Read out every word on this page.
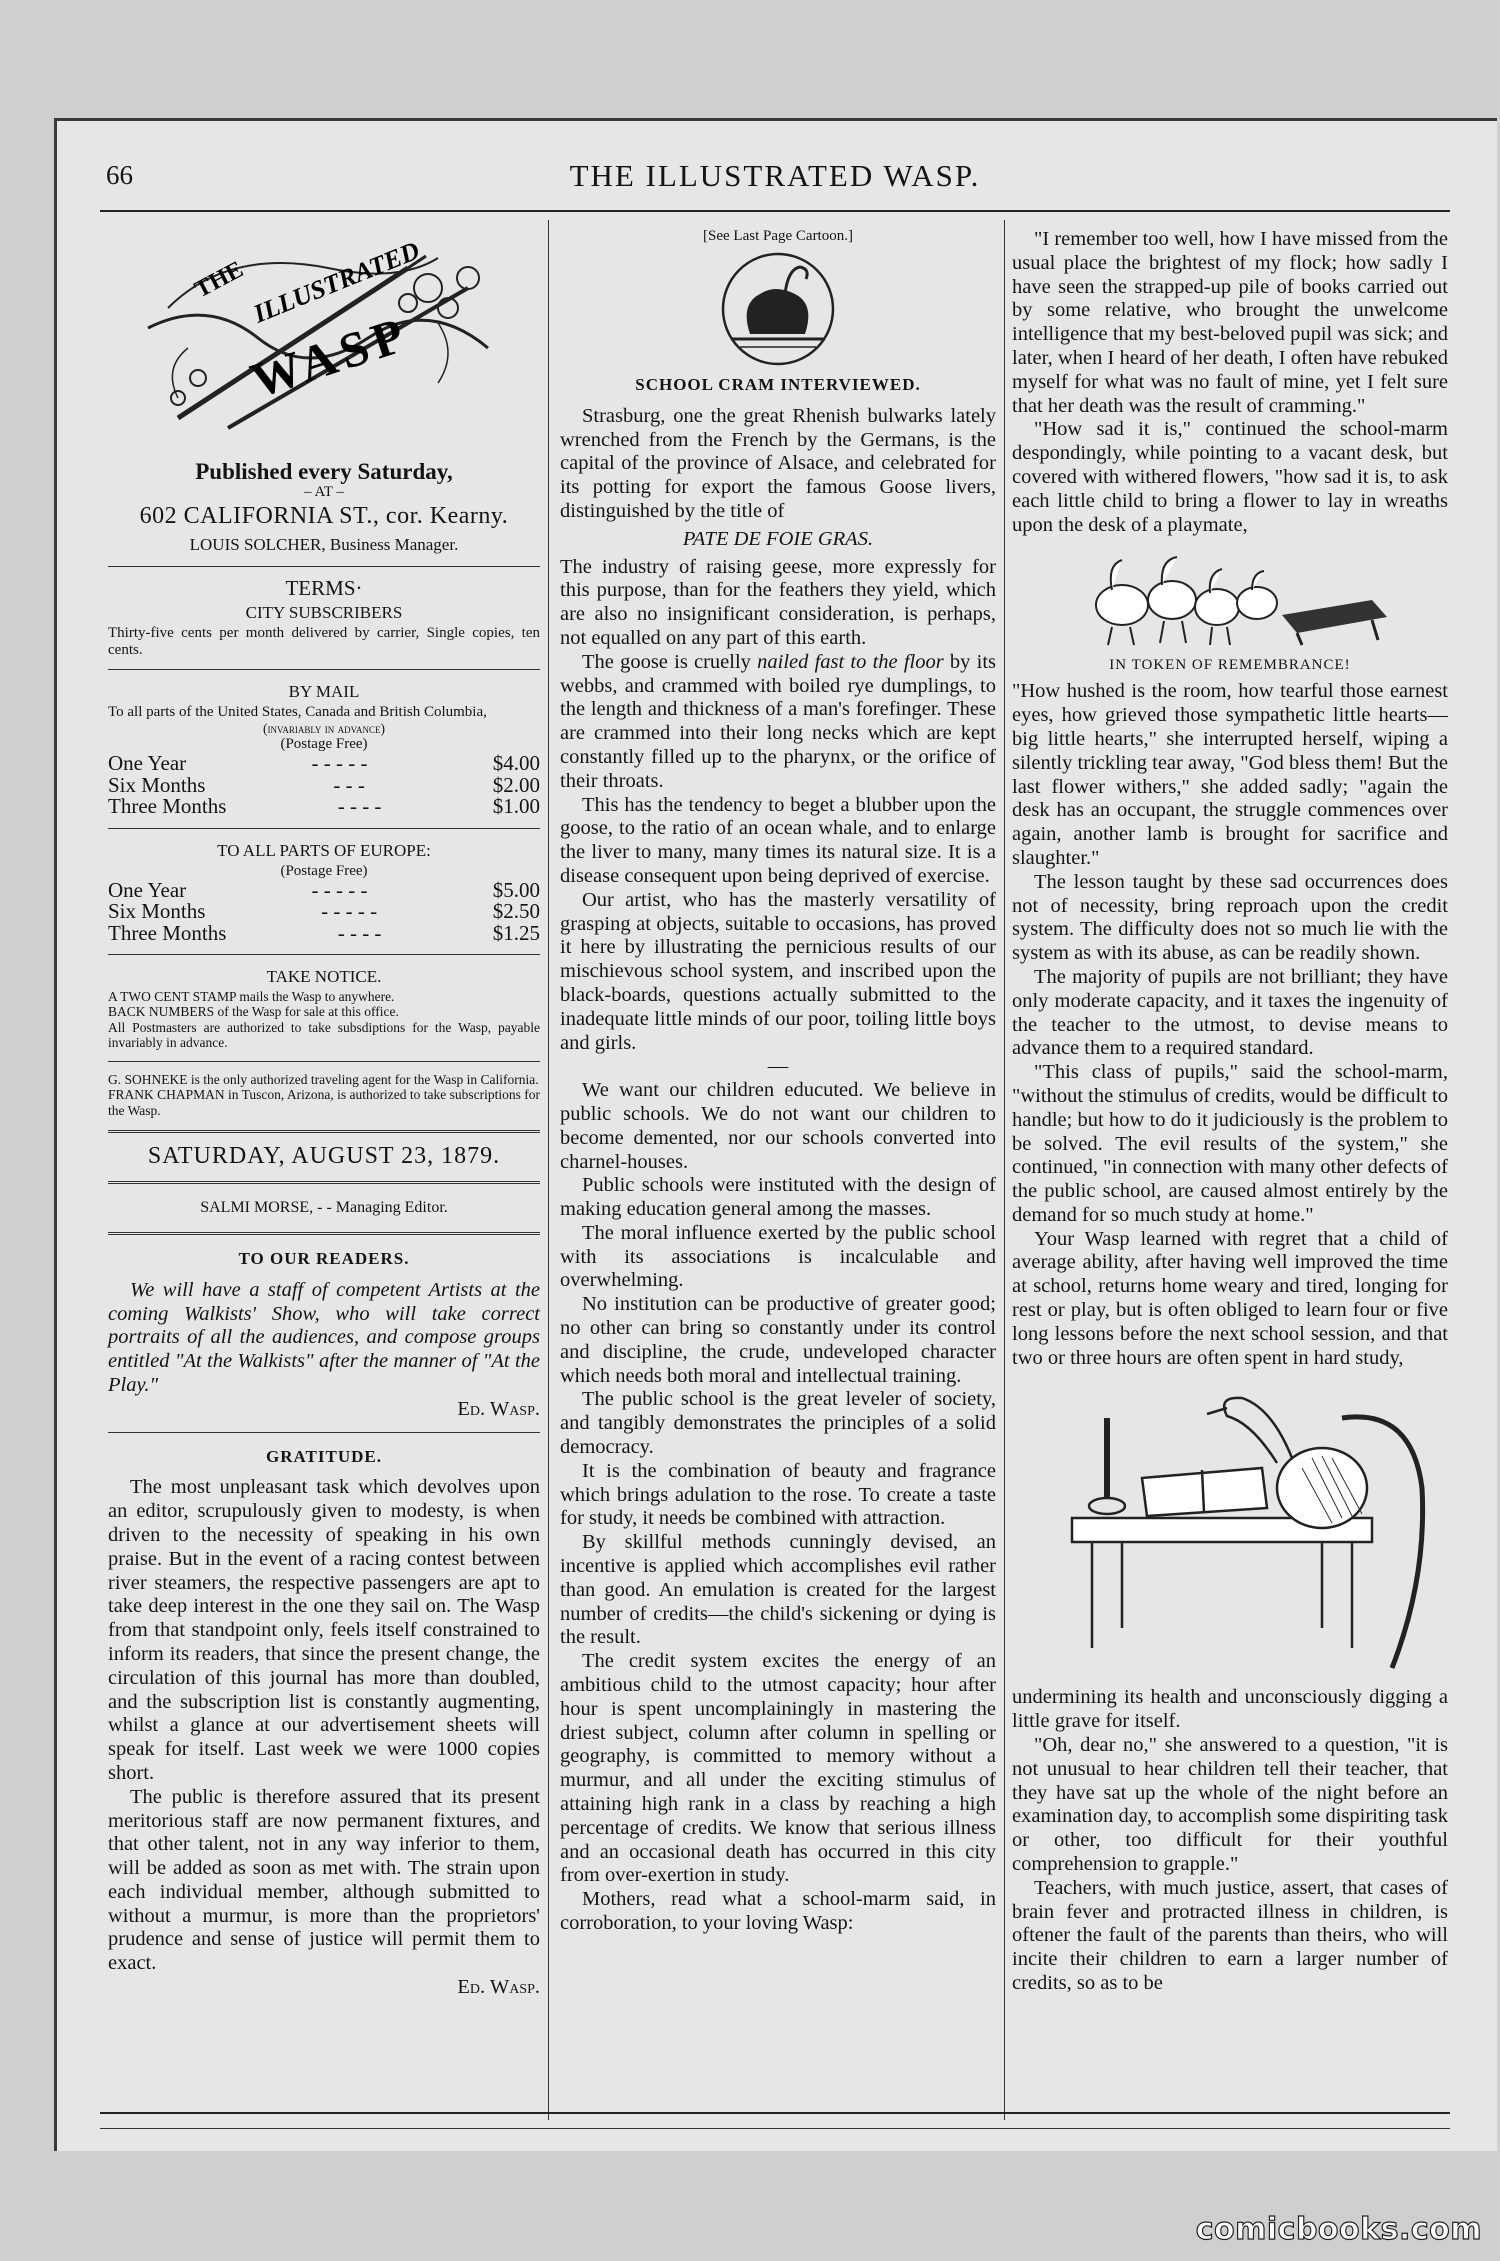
66	THE ILLUSTRATED WASP.
THE ILLUSTRATED
WASP
Published every Saturday,
– AT –
602 CALIFORNIA ST., cor. Kearny.
LOUIS SOLCHER, Business Manager.
TERMS·
CITY SUBSCRIBERS

Thirty-five cents per month delivered by carrier, Single copies, ten cents.

BY MAIL

To all parts of the United States, Canada and British Columbia,

(invariably in advance)
(Postage Free)
One Year	- - - - -	$4.00
Six Months	- - -	$2.00
Three Months	- - - -	$1.00
TO ALL PARTS OF EUROPE:
(Postage Free)
One Year	- - - - -	$5.00
Six Months	- - - - -	$2.50
Three Months	- - - -	$1.25
TAKE NOTICE.

A TWO CENT STAMP mails the Wasp to anywhere.

BACK NUMBERS of the Wasp for sale at this office.

All Postmasters are authorized to take subsdiptions for the Wasp, payable invariably in advance.

G. SOHNEKE is the only authorized traveling agent for the Wasp in California.

FRANK CHAPMAN in Tuscon, Arizona, is authorized to take subscriptions for the Wasp.

SATURDAY, AUGUST 23, 1879.
SALMI MORSE, - - Managing Editor.
TO OUR READERS.

We will have a staff of competent Artists at the coming Walkists' Show, who will take correct portraits of all the audiences, and compose groups entitled "At the Walkists" after the manner of "At the Play."

Ed. Wasp.

GRATITUDE.

The most unpleasant task which devolves upon an editor, scrupulously given to modesty, is when driven to the necessity of speaking in his own praise. But in the event of a racing contest between river steamers, the respective passengers are apt to take deep interest in the one they sail on. The Wasp from that standpoint only, feels itself constrained to inform its readers, that since the present change, the circulation of this journal has more than doubled, and the subscription list is constantly augmenting, whilst a glance at our advertisement sheets will speak for itself. Last week we were 1000 copies short.

The public is therefore assured that its present meritorious staff are now permanent fixtures, and that other talent, not in any way inferior to them, will be added as soon as met with. The strain upon each individual member, although submitted to without a murmur, is more than the proprietors' prudence and sense of justice will permit them to exact.

Ed. Wasp.

[See Last Page Cartoon.]
SCHOOL CRAM INTERVIEWED.

Strasburg, one the great Rhenish bulwarks lately wrenched from the French by the Germans, is the capital of the province of Alsace, and celebrated for its potting for export the famous Goose livers, distinguished by the title of

PATE DE FOIE GRAS.

The industry of raising geese, more expressly for this purpose, than for the feathers they yield, which are also no insignificant consideration, is perhaps, not equalled on any part of this earth.

The goose is cruelly nailed fast to the floor by its webbs, and crammed with boiled rye dumplings, to the length and thickness of a man's forefinger. These are crammed into their long necks which are kept constantly filled up to the pharynx, or the orifice of their throats.

This has the tendency to beget a blubber upon the goose, to the ratio of an ocean whale, and to enlarge the liver to many, many times its natural size. It is a disease consequent upon being deprived of exercise.

Our artist, who has the masterly versatility of grasping at objects, suitable to occasions, has proved it here by illustrating the pernicious results of our mischievous school system, and inscribed upon the black-boards, questions actually submitted to the inadequate little minds of our poor, toiling little boys and girls.

—

We want our children educuted. We believe in public schools. We do not want our children to become demented, nor our schools converted into charnel-houses.

Public schools were instituted with the design of making education general among the masses.

The moral influence exerted by the public school with its associations is incalculable and overwhelming.

No institution can be productive of greater good; no other can bring so constantly under its control and discipline, the crude, undeveloped character which needs both moral and intellectual training.

The public school is the great leveler of society, and tangibly demonstrates the principles of a solid democracy.

It is the combination of beauty and fragrance which brings adulation to the rose. To create a taste for study, it needs be combined with attraction.

By skillful methods cunningly devised, an incentive is applied which accomplishes evil rather than good. An emulation is created for the largest number of credits—the child's sickening or dying is the result.

The credit system excites the energy of an ambitious child to the utmost capacity; hour after hour is spent uncomplainingly in mastering the driest subject, column after column in spelling or geography, is committed to memory without a murmur, and all under the exciting stimulus of attaining high rank in a class by reaching a high percentage of credits. We know that serious illness and an occasional death has occurred in this city from over-exertion in study.

Mothers, read what a school-marm said, in corroboration, to your loving Wasp:

"I remember too well, how I have missed from the usual place the brightest of my flock; how sadly I have seen the strapped-up pile of books carried out by some relative, who brought the unwelcome intelligence that my best-beloved pupil was sick; and later, when I heard of her death, I often have rebuked myself for what was no fault of mine, yet I felt sure that her death was the result of cramming."

"How sad it is," continued the school-marm despondingly, while pointing to a vacant desk, but covered with withered flowers, "how sad it is, to ask each little child to bring a flower to lay in wreaths upon the desk of a playmate,

IN TOKEN OF REMEMBRANCE!

"How hushed is the room, how tearful those earnest eyes, how grieved those sympathetic little hearts—big little hearts," she interrupted herself, wiping a silently trickling tear away, "God bless them! But the last flower withers," she added sadly; "again the desk has an occupant, the struggle commences over again, another lamb is brought for sacrifice and slaughter."

The lesson taught by these sad occurrences does not of necessity, bring reproach upon the credit system. The difficulty does not so much lie with the system as with its abuse, as can be readily shown.

The majority of pupils are not brilliant; they have only moderate capacity, and it taxes the ingenuity of the teacher to the utmost, to devise means to advance them to a required standard.

"This class of pupils," said the school-marm, "without the stimulus of credits, would be difficult to handle; but how to do it judiciously is the problem to be solved. The evil results of the system," she continued, "in connection with many other defects of the public school, are caused almost entirely by the demand for so much study at home."

Your Wasp learned with regret that a child of average ability, after having well improved the time at school, returns home weary and tired, longing for rest or play, but is often obliged to learn four or five long lessons before the next school session, and that two or three hours are often spent in hard study,

undermining its health and unconsciously digging a little grave for itself.

"Oh, dear no," she answered to a question, "it is not unusual to hear children tell their teacher, that they have sat up the whole of the night before an examination day, to accomplish some dispiriting task or other, too difficult for their youthful comprehension to grapple."

Teachers, with much justice, assert, that cases of brain fever and protracted illness in children, is oftener the fault of the parents than theirs, who will incite their children to earn a larger number of credits, so as to be

comicbooks.com
